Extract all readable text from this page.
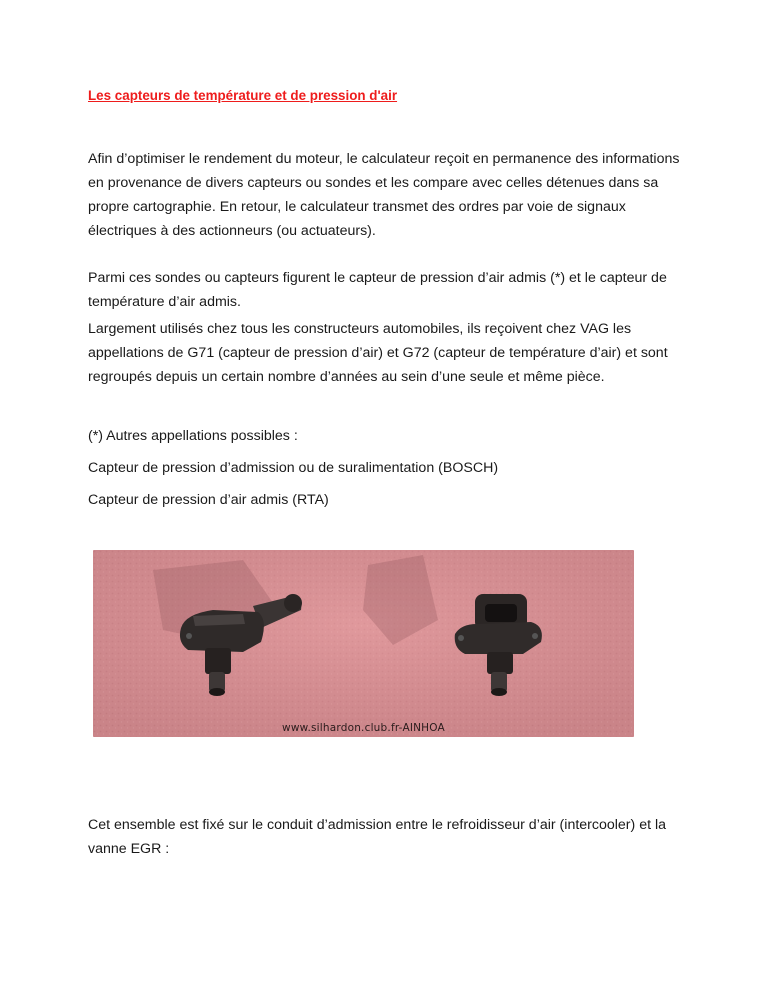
Les capteurs de température et de pression d'air
Afin d’optimiser le rendement du moteur, le calculateur reçoit en permanence des informations en provenance de divers capteurs ou sondes et les compare avec celles détenues dans sa propre cartographie. En retour, le calculateur transmet des ordres par voie de signaux électriques à des actionneurs (ou actuateurs).
Parmi ces sondes ou capteurs figurent le capteur de pression d’air admis (*) et le capteur de température d’air admis.
Largement utilisés chez tous les constructeurs automobiles, ils reçoivent chez VAG les appellations de G71 (capteur de pression d’air) et G72 (capteur de température d’air) et sont regroupés depuis un certain nombre d’années au sein d’une seule et même pièce.
(*) Autres appellations possibles :
Capteur de pression d’admission ou de suralimentation (BOSCH)
Capteur de pression d’air admis (RTA)
www.silhardon.club.fr-AINHOA
Cet ensemble est fixé sur le conduit d’admission entre le refroidisseur d’air (intercooler) et la vanne EGR :
